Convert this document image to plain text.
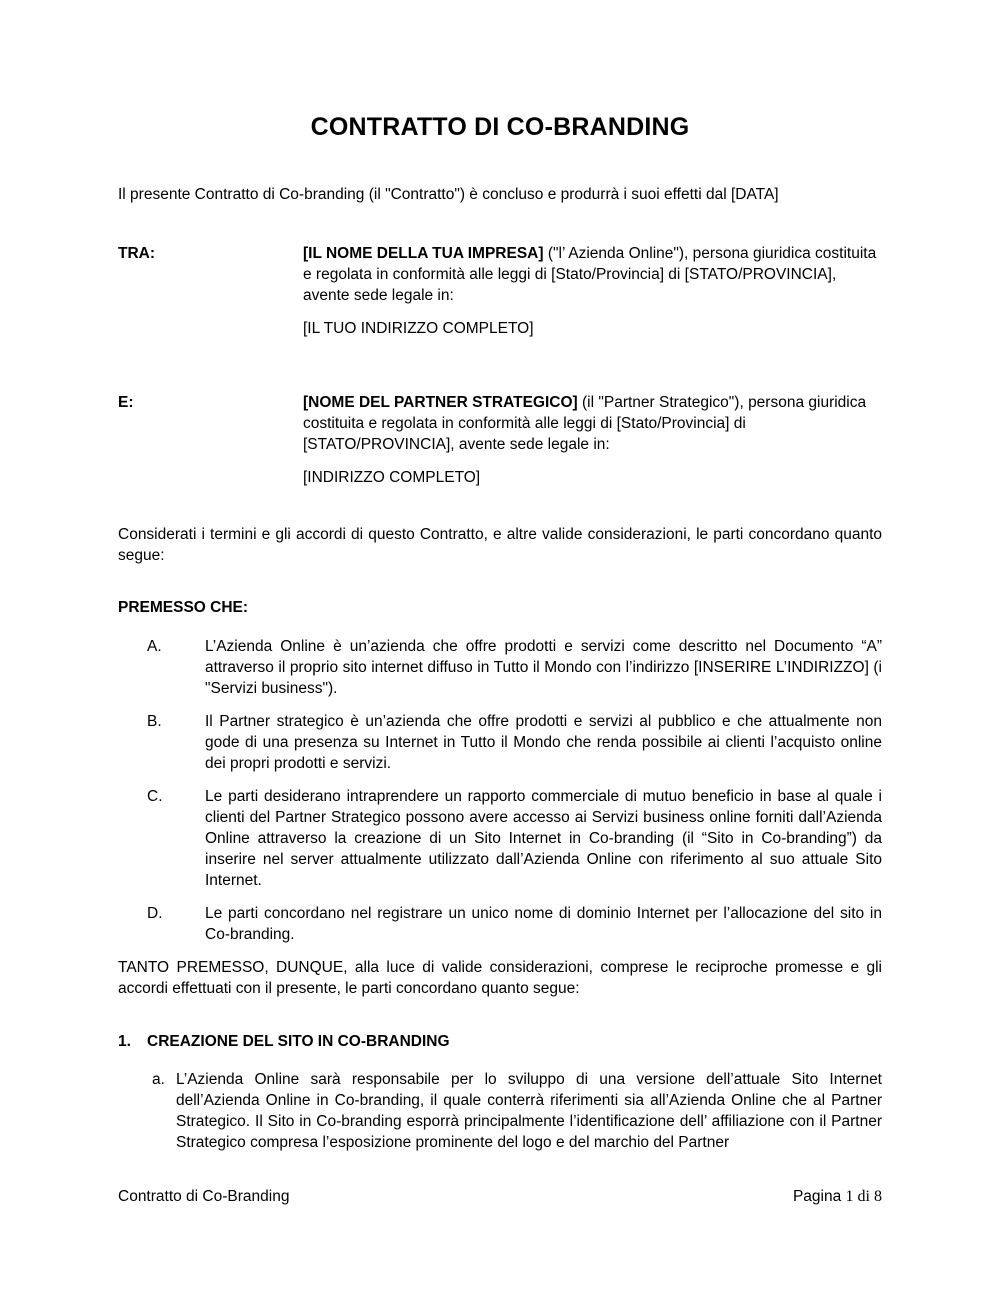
CONTRATTO DI CO-BRANDING

Il presente Contratto di Co-branding (il "Contratto") è concluso e produrrà i suoi effetti dal [DATA]

TRA:	[IL NOME DELLA TUA IMPRESA] ("l’ Azienda Online"), persona giuridica costituita e regolata in conformità alle leggi di [Stato/Provincia] di [STATO/PROVINCIA], avente sede legale in:

[IL TUO INDIRIZZO COMPLETO]

E:	[NOME DEL PARTNER STRATEGICO] (il "Partner Strategico"), persona giuridica costituita e regolata in conformità alle leggi di [Stato/Provincia] di [STATO/PROVINCIA], avente sede legale in:

[INDIRIZZO COMPLETO]

Considerati i termini e gli accordi di questo Contratto, e altre valide considerazioni, le parti concordano quanto segue:

PREMESSO CHE:

A.	L’Azienda Online è un’azienda che offre prodotti e servizi come descritto nel Documento “A” attraverso il proprio sito internet diffuso in Tutto il Mondo con l’indirizzo [INSERIRE L’INDIRIZZO] (i "Servizi business").
B.	Il Partner strategico è un’azienda che offre prodotti e servizi al pubblico e che attualmente non gode di una presenza su Internet in Tutto il Mondo che renda possibile ai clienti l’acquisto online dei propri prodotti e servizi.
C.	Le parti desiderano intraprendere un rapporto commerciale di mutuo beneficio in base al quale i clienti del Partner Strategico possono avere accesso ai Servizi business online forniti dall’Azienda Online attraverso la creazione di un Sito Internet in Co-branding (il “Sito in Co-branding”) da inserire nel server attualmente utilizzato dall’Azienda Online con riferimento al suo attuale Sito Internet.
D.	Le parti concordano nel registrare un unico nome di dominio Internet per l’allocazione del sito in Co-branding.

TANTO PREMESSO, DUNQUE, alla luce di valide considerazioni, comprese le reciproche promesse e gli accordi effettuati con il presente, le parti concordano quanto segue:

1.	CREAZIONE DEL SITO IN CO-BRANDING
a. L’Azienda Online sarà responsabile per lo sviluppo di una versione dell’attuale Sito Internet dell’Azienda Online in Co-branding, il quale conterrà riferimenti sia all’Azienda Online che al Partner Strategico. Il Sito in Co-branding esporrà principalmente l’identificazione dell’ affiliazione con il Partner Strategico compresa l’esposizione prominente del logo e del marchio del Partner
Contratto di Co-Branding	Pagina 1 di 8
